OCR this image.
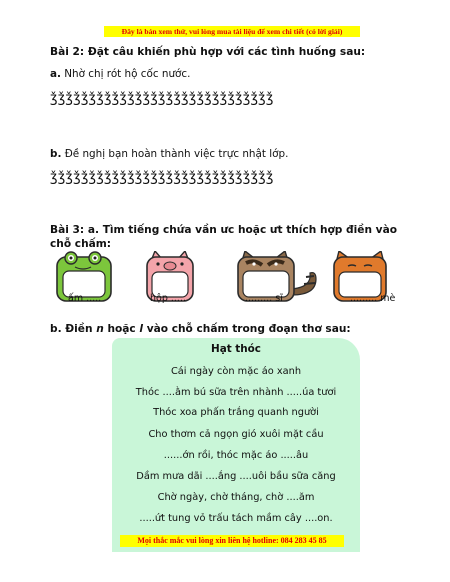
Đây là bản xem thử, vui lòng mua tài liệu để xem chi tiết (có lời giải)
Bài 2: Đặt câu khiến phù hợp với các tình huống sau:
a. Nhờ chị rót hộ cốc nước.
ǯǯǯǯǯǯǯǯǯǯǯǯǯǯǯǯǯǯǯǯǯǯǯǯǯǯǯǯǯ
b. Đề nghị bạn hoàn thành việc trực nhật lớp.
ǯǯǯǯǯǯǯǯǯǯǯǯǯǯǯǯǯǯǯǯǯǯǯǯǯǯǯǯǯ
Bài 3: a. Tìm tiếng chứa vần ưc hoặc ưt thích hợp điền vào
chỗ chấm:
ấm .....	hộp .....	......... sĩ	......... mè
b. Điền n hoặc l vào chỗ chấm trong đoạn thơ sau:
Hạt thóc
Cái ngày còn mặc áo xanh
Thóc ....ằm bú sữa trên nhành .....úa tươi
Thóc xoa phấn trắng quanh người
Cho thơm cả ngọn gió xuôi mặt cầu
......ớn rồi, thóc mặc áo .....âu
Dầm mưa dãi ....ắng ....uôi bầu sữa căng
Chờ ngày, chờ tháng, chờ ....ăm
.....ứt tung vỏ trấu tách mầm cây ....on.
Mọi thắc mắc vui lòng xin liên hệ hotline: 084 283 45 85
